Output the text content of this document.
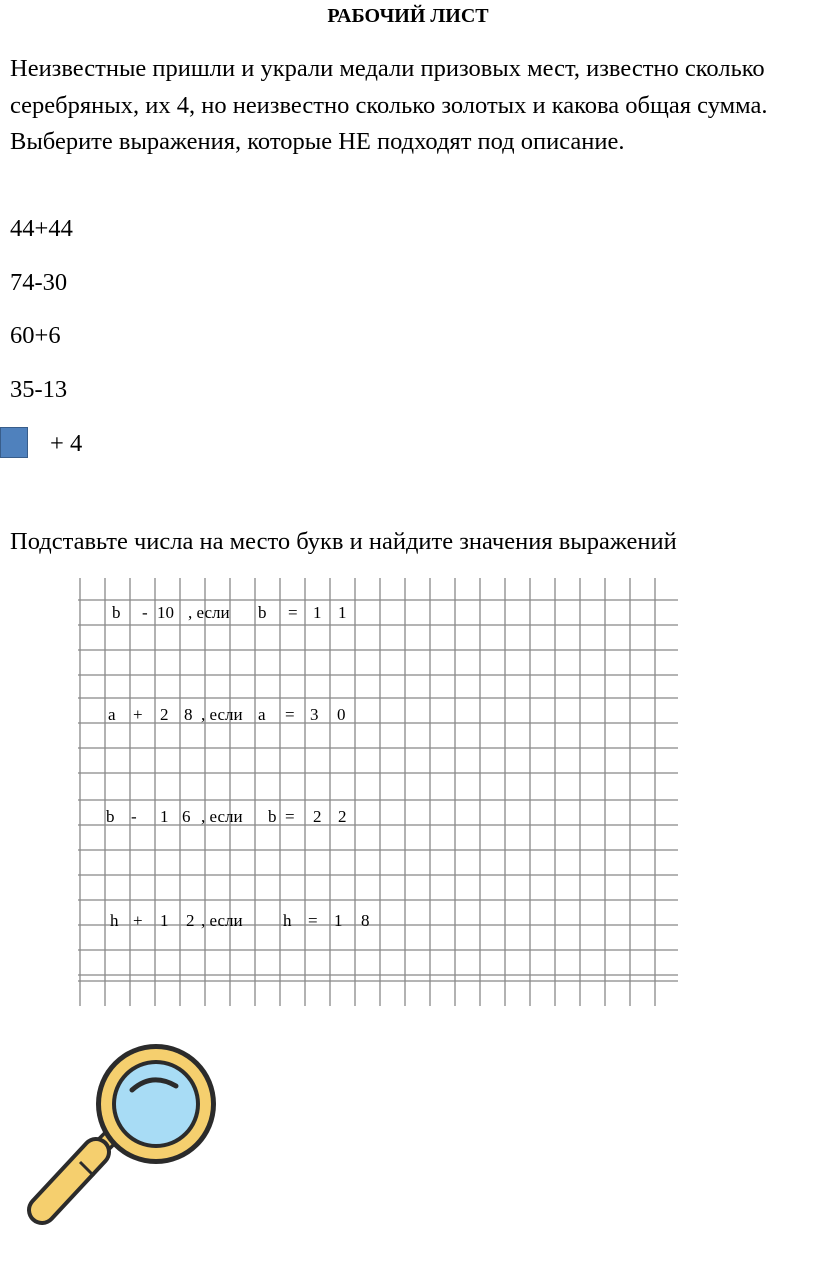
РАБОЧИЙ ЛИСТ
Неизвестные пришли и украли медали призовых мест, известно сколько серебряных, их 4, но неизвестно сколько золотых и какова общая сумма. Выберите выражения, которые НЕ подходят под описание.
44+44
74-30
60+6
35-13
+ 4
Подставьте числа на место букв и найдите значения выражений
b - 10 , если b = 1 1
a + 2 8 , если a = 3 0
b - 1 6 , если b = 2 2
h + 1 2 , если h = 1 8
